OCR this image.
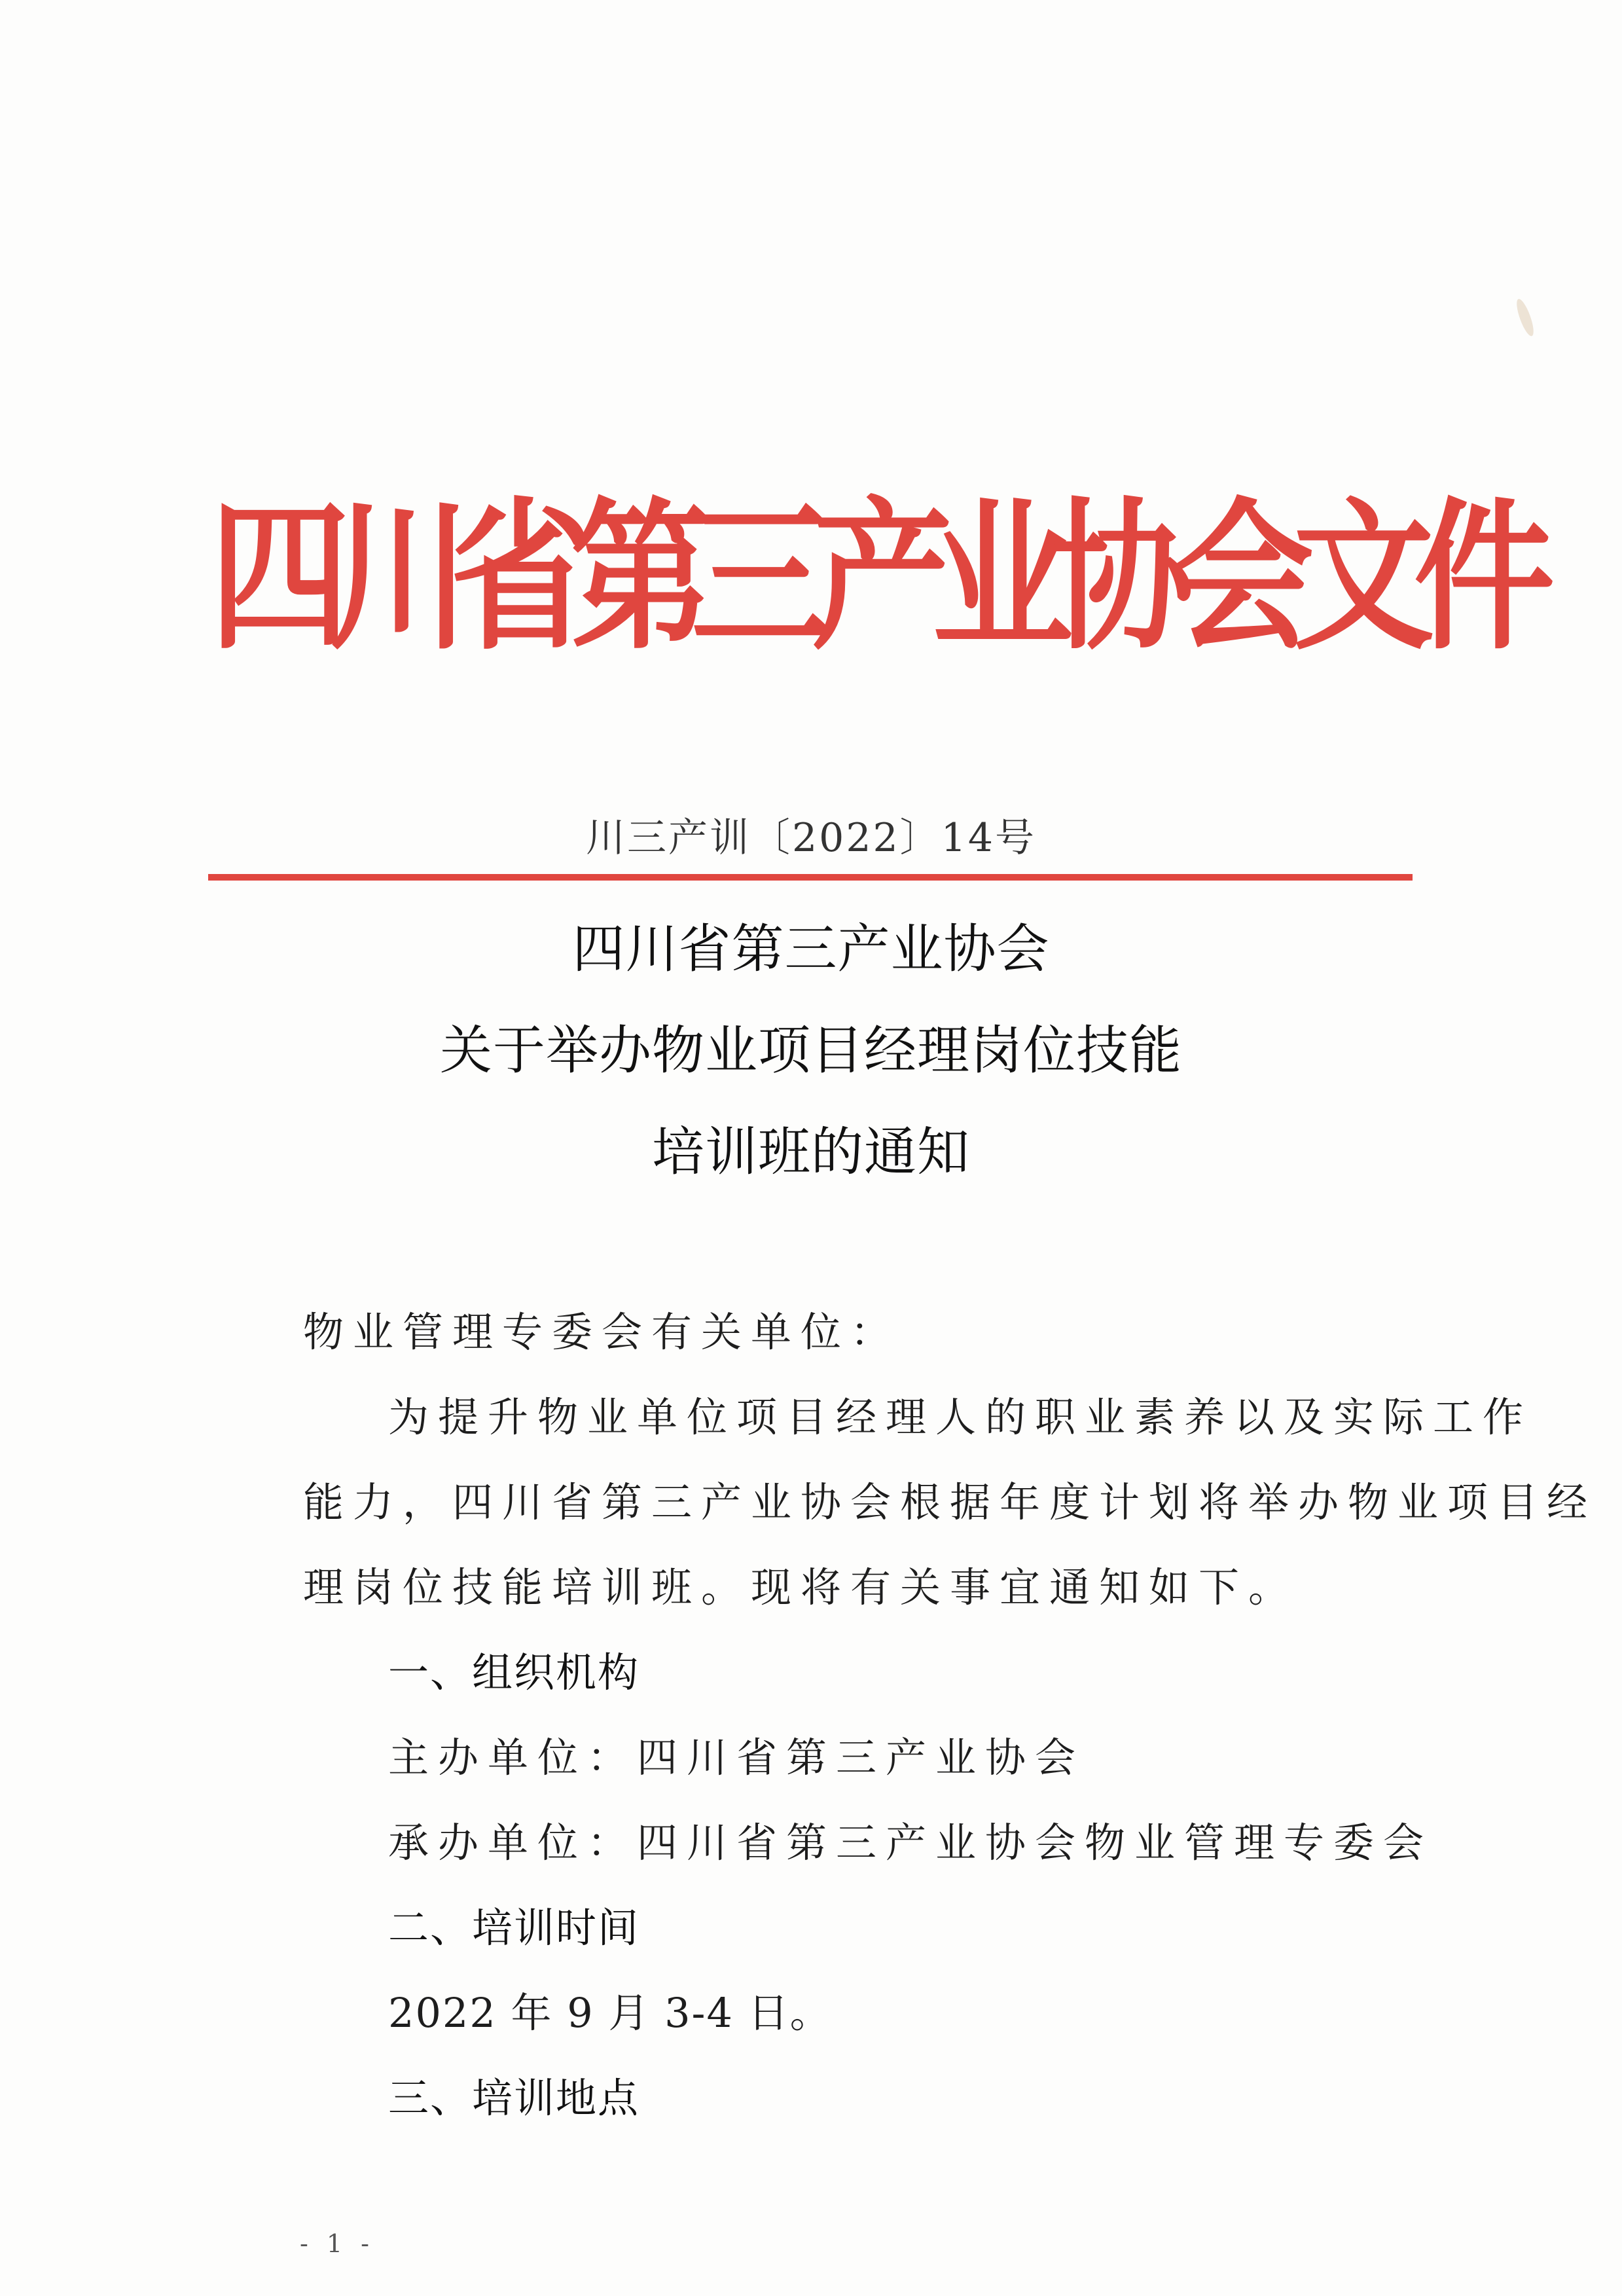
四
川
省
第
三
产
业
协
会
文
件
川三产训〔2022〕14号
四川省第三产业协会
关于举办物业项目经理岗位技能
培训班的通知
物业管理专委会有关单位：
为提升物业单位项目经理人的职业素养以及实际工作
能力，四川省第三产业协会根据年度计划将举办物业项目经
理岗位技能培训班。现将有关事宜通知如下。
一、组织机构
主办单位：四川省第三产业协会
承办单位：四川省第三产业协会物业管理专委会
二、培训时间
2022 年 9 月 3-4 日。
三、培训地点
- 1 -
